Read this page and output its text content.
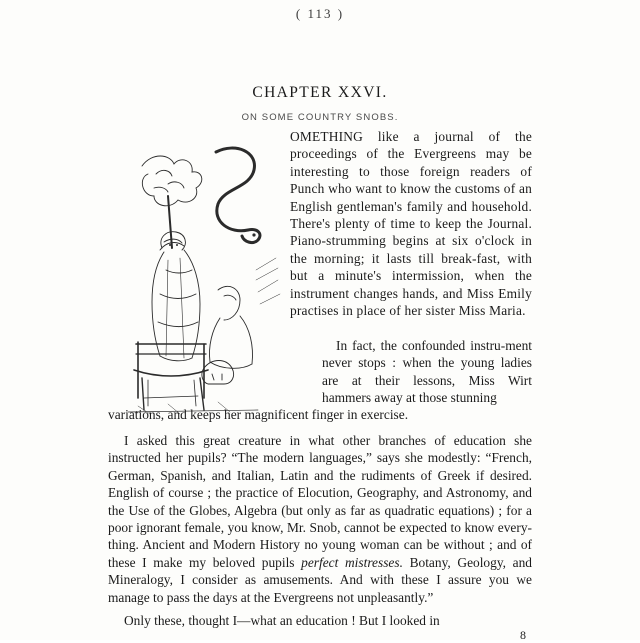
( 113 )
CHAPTER XXVI.
ON SOME COUNTRY SNOBS.
OMETHING like a journal of the proceedings of the Evergreens may be interesting to those foreign readers of Punch who want to know the customs of an English gentleman's family and household. There's plenty of time to keep the Journal. Piano-strumming begins at six o'clock in the morning; it lasts till break-fast, with but a minute's intermission, when the instrument changes hands, and Miss Emily practises in place of her sister Miss Maria.
In fact, the confounded instru-ment never stops : when the young ladies are at their lessons, Miss Wirt hammers away at those stunning
variations, and keeps her magnificent finger in exercise.
I asked this great creature in what other branches of education she instructed her pupils? “The modern languages,” says she modestly: “French, German, Spanish, and Italian, Latin and the rudiments of Greek if desired. English of course ; the practice of Elocution, Geography, and Astronomy, and the Use of the Globes, Algebra (but only as far as quadratic equations) ; for a poor ignorant female, you know, Mr. Snob, cannot be expected to know every-thing. Ancient and Modern History no young woman can be without ; and of these I make my beloved pupils perfect mistresses. Botany, Geology, and Mineralogy, I consider as amusements. And with these I assure you we manage to pass the days at the Evergreens not unpleasantly.”
Only these, thought I—what an education ! But I looked in
8
